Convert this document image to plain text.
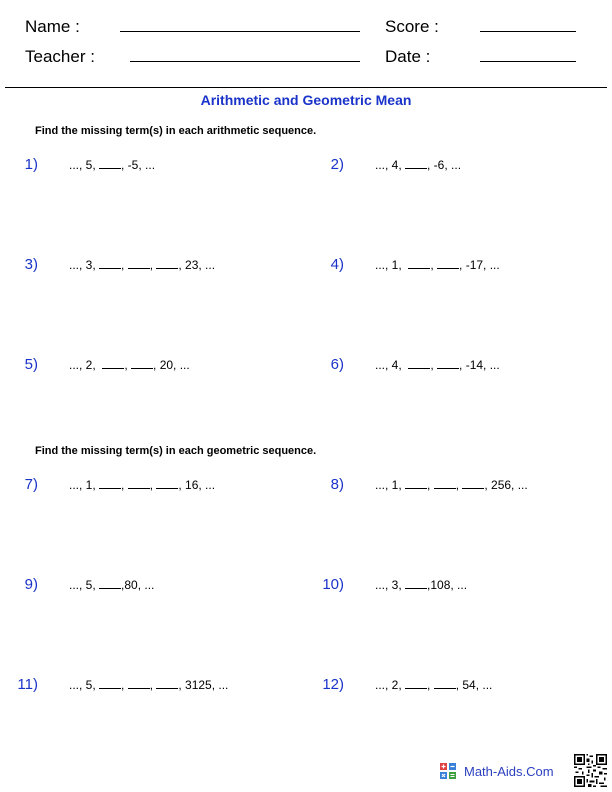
Name :	Score :
Teacher :	Date :
Arithmetic and Geometric Mean
Find the missing term(s) in each arithmetic sequence.
Find the missing term(s) in each geometric sequence.
1)	..., 5, , -5, ...	2)	..., 4, , -6, ...
3)	..., 3, , , , 23, ...	4)	..., 1,  , , -17, ...
5)	..., 2,  , , 20, ...	6)	..., 4,  , , -14, ...
7)	..., 1, , , , 16, ...	8)	..., 1, , , , 256, ...
9)	..., 5, ,80, ...	10)	..., 3, ,108, ...
11)	..., 5, , , , 3125, ...	12)	..., 2, , , 54, ...
Math-Aids.Com
